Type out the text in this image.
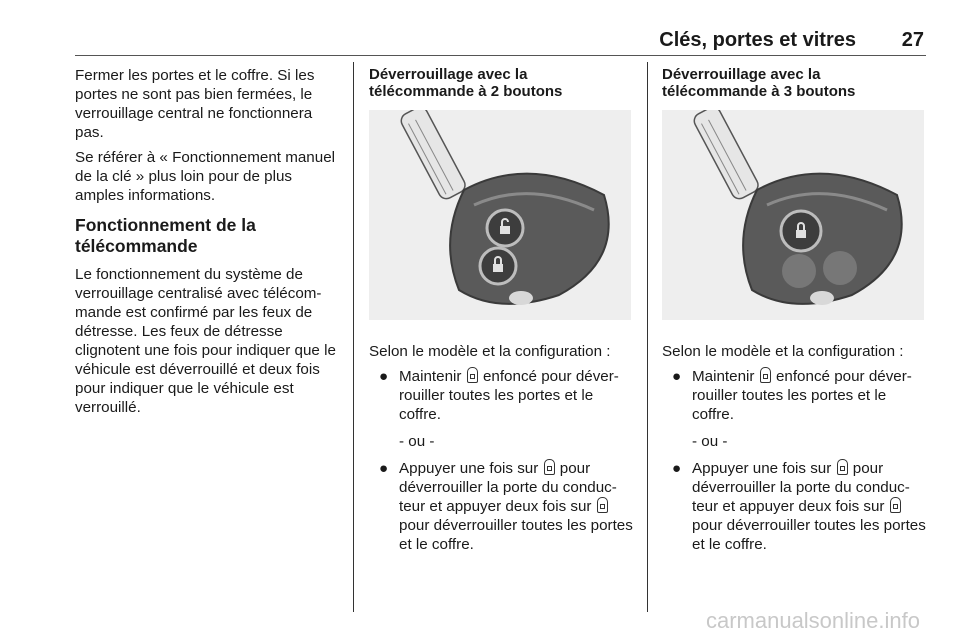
Clés, portes et vitres 27

Fermer les portes et le coffre. Si les portes ne sont pas bien fermées, le verrouillage central ne fonctionnera pas.

Se référer à « Fonctionnement manuel de la clé » plus loin pour de plus amples informations.

Fonctionnement de la télécommande

Le fonctionnement du système de verrouillage centralisé avec télécom-mande est confirmé par les feux de détresse. Les feux de détresse clignotent une fois pour indiquer que le véhicule est déverrouillé et deux fois pour indiquer que le véhicule est verrouillé.

Déverrouillage avec la télécommande à 2 boutons

Selon le modèle et la configuration :

● Maintenir enfoncé pour déver-rouiller toutes les portes et le coffre.
- ou -
● Appuyer une fois sur pour déverrouiller la porte du conduc-teur et appuyer deux fois sur  pour déverrouiller toutes les portes et le coffre.
Déverrouillage avec la télécommande à 3 boutons

Selon le modèle et la configuration :

● Maintenir enfoncé pour déver-rouiller toutes les portes et le coffre.
- ou -
● Appuyer une fois sur pour déverrouiller la porte du conduc-teur et appuyer deux fois sur  pour déverrouiller toutes les portes et le coffre.
carmanualsonline.info
